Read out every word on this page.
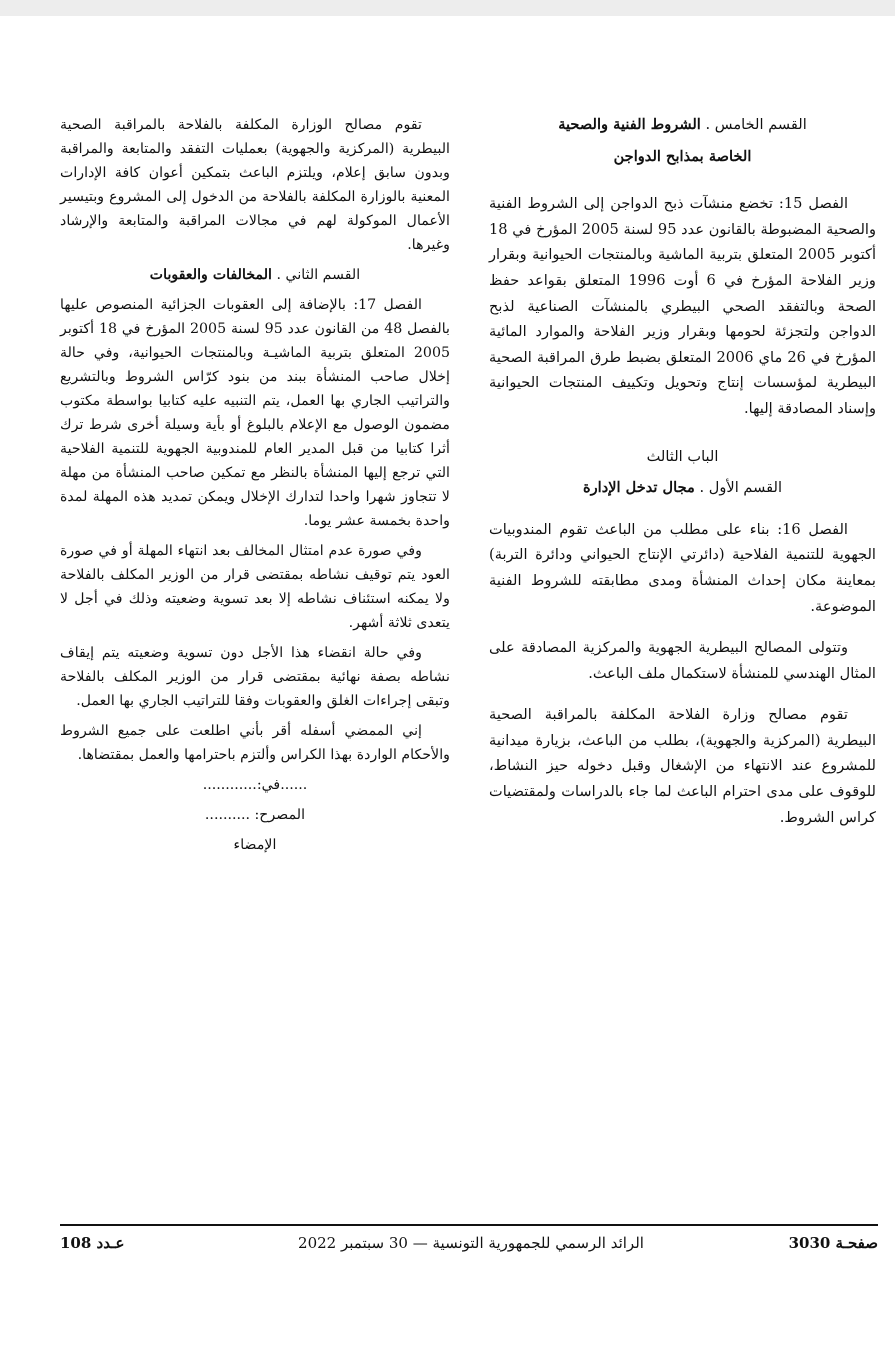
القسم الخامس . الشروط الفنية والصحية

الخاصة بمذابح الدواجن

الفصل 15: تخضع منشآت ذبح الدواجن إلى الشروط الفنية والصحية المضبوطة بالقانون عدد 95 لسنة 2005 المؤرخ في 18 أكتوبر 2005 المتعلق بتربية الماشية وبالمنتجات الحيوانية وبقرار وزير الفلاحة المؤرخ في 6 أوت 1996 المتعلق بقواعد حفظ الصحة وبالتفقد الصحي البيطري بالمنشآت الصناعية لذبح الدواجن ولتجزئة لحومها وبقرار وزير الفلاحة والموارد المائية المؤرخ في 26 ماي 2006 المتعلق بضبط طرق المراقبة الصحية البيطرية لمؤسسات إنتاج وتحويل وتكييف المنتجات الحيوانية وإسناد المصادقة إليها.

الباب الثالث

القسم الأول . مجال تدخل الإدارة

الفصل 16: بناء على مطلب من الباعث تقوم المندوبيات الجهوية للتنمية الفلاحية (دائرتي الإنتاج الحيواني ودائرة التربة) بمعاينة مكان إحداث المنشأة ومدى مطابقته للشروط الفنية الموضوعة.

وتتولى المصالح البيطرية الجهوية والمركزية المصادقة على المثال الهندسي للمنشأة لاستكمال ملف الباعث.

تقوم مصالح وزارة الفلاحة المكلفة بالمراقبة الصحية البيطرية (المركزية والجهوية)، بطلب من الباعث، بزيارة ميدانية للمشروع عند الانتهاء من الإشغال وقبل دخوله حيز النشاط، للوقوف على مدى احترام الباعث لما جاء بالدراسات ولمقتضيات كراس الشروط.

تقوم مصالح الوزارة المكلفة بالفلاحة بالمراقبة الصحية البيطرية (المركزية والجهوية) بعمليات التفقد والمتابعة والمراقبة وبدون سابق إعلام، ويلتزم الباعث بتمكين أعوان كافة الإدارات المعنية بالوزارة المكلفة بالفلاحة من الدخول إلى المشروع وبتيسير الأعمال الموكولة لهم في مجالات المراقبة والمتابعة والإرشاد وغيرها.

القسم الثاني . المخالفات والعقوبات

الفصل 17: بالإضافة إلى العقوبات الجزائية المنصوص عليها بالفصل 48 من القانون عدد 95 لسنة 2005 المؤرخ في 18 أكتوبر 2005 المتعلق بتربية الماشيـة وبالمنتجات الحيوانية، وفي حالة إخلال صاحب المنشأة ببند من بنود كرّاس الشروط وبالتشريع والتراتيب الجاري بها العمل، يتم التنبيه عليه كتابيا بواسطة مكتوب مضمون الوصول مع الإعلام بالبلوغ أو بأية وسيلة أخرى شرط ترك أثرا كتابيا من قبل المدير العام للمندوبية الجهوية للتنمية الفلاحية التي ترجع إليها المنشأة بالنظر مع تمكين صاحب المنشأة من مهلة لا تتجاوز شهرا واحدا لتدارك الإخلال ويمكن تمديد هذه المهلة لمدة واحدة بخمسة عشر يوما.

وفي صورة عدم امتثال المخالف بعد انتهاء المهلة أو في صورة العود يتم توقيف نشاطه بمقتضى قرار من الوزير المكلف بالفلاحة ولا يمكنه استئناف نشاطه إلا بعد تسوية وضعيته وذلك في أجل لا يتعدى ثلاثة أشهر.

وفي حالة انقضاء هذا الأجل دون تسوية وضعيته يتم إيقاف نشاطه بصفة نهائية بمقتضى قرار من الوزير المكلف بالفلاحة وتبقى إجراءات الغلق والعقوبات وفقا للتراتيب الجاري بها العمل.

إني الممضي أسفله أقر بأني اطلعت على جميع الشروط والأحكام الواردة بهذا الكراس وألتزم باحترامها والعمل بمقتضاها.

......في:............

المصرح: ..........

الإمضاء

عـدد 108	الرائد الرسمي للجمهورية التونسية — 30 سبتمبر 2022	صفحـة 3030
